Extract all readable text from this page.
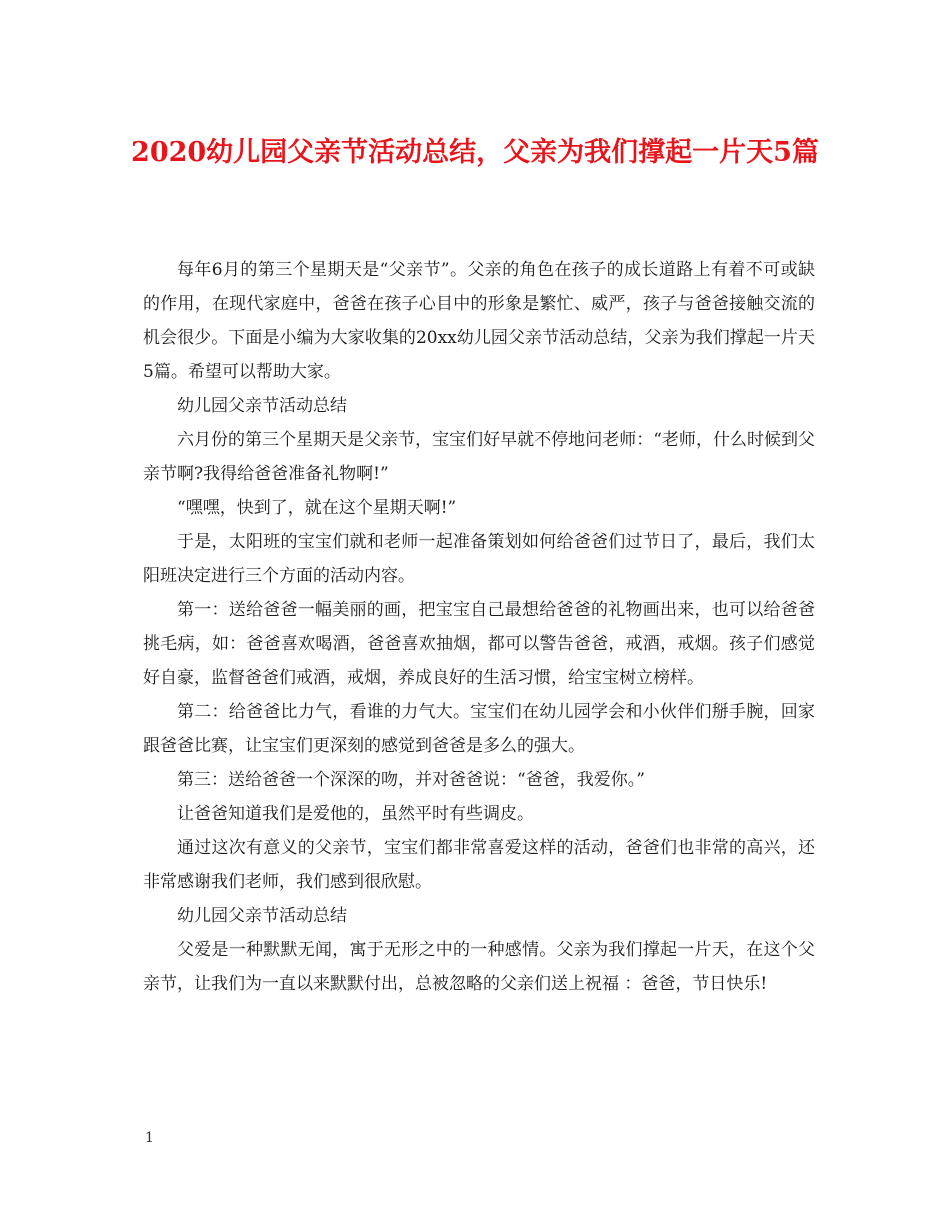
2020幼儿园父亲节活动总结，父亲为我们撑起一片天5篇

每年6月的第三个星期天是“父亲节”。父亲的角色在孩子的成长道路上有着不可或缺的作用，在现代家庭中，爸爸在孩子心目中的形象是繁忙、威严，孩子与爸爸接触交流的机会很少。下面是小编为大家收集的20xx幼儿园父亲节活动总结，父亲为我们撑起一片天5篇。希望可以帮助大家。

幼儿园父亲节活动总结

六月份的第三个星期天是父亲节，宝宝们好早就不停地问老师：“老师，什么时候到父亲节啊?我得给爸爸准备礼物啊!”

“嘿嘿，快到了，就在这个星期天啊!”

于是，太阳班的宝宝们就和老师一起准备策划如何给爸爸们过节日了，最后，我们太阳班决定进行三个方面的活动内容。

第一：送给爸爸一幅美丽的画，把宝宝自己最想给爸爸的礼物画出来，也可以给爸爸挑毛病，如：爸爸喜欢喝酒，爸爸喜欢抽烟，都可以警告爸爸，戒酒，戒烟。孩子们感觉好自豪，监督爸爸们戒酒，戒烟，养成良好的生活习惯，给宝宝树立榜样。

第二：给爸爸比力气，看谁的力气大。宝宝们在幼儿园学会和小伙伴们掰手腕，回家跟爸爸比赛，让宝宝们更深刻的感觉到爸爸是多么的强大。

第三：送给爸爸一个深深的吻，并对爸爸说：“爸爸，我爱你。”

让爸爸知道我们是爱他的，虽然平时有些调皮。

通过这次有意义的父亲节，宝宝们都非常喜爱这样的活动，爸爸们也非常的高兴，还非常感谢我们老师，我们感到很欣慰。

幼儿园父亲节活动总结

父爱是一种默默无闻，寓于无形之中的一种感情。父亲为我们撑起一片天，在这个父亲节，让我们为一直以来默默付出，总被忽略的父亲们送上祝福 ：爸爸，节日快乐!

1
